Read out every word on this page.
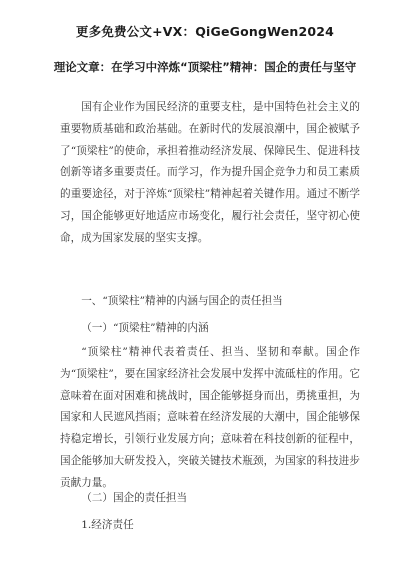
更多免费公文+VX：QiGeGongWen2024
理论文章：在学习中淬炼“顶梁柱”精神：国企的责任与坚守
国有企业作为国民经济的重要支柱，是中国特色社会主义的重要物质基础和政治基础。在新时代的发展浪潮中，国企被赋予了“顶梁柱”的使命，承担着推动经济发展、保障民生、促进科技创新等诸多重要责任。而学习，作为提升国企竞争力和员工素质的重要途径，对于淬炼“顶梁柱”精神起着关键作用。通过不断学习，国企能够更好地适应市场变化，履行社会责任，坚守初心使命，成为国家发展的坚实支撑。
一、“顶梁柱”精神的内涵与国企的责任担当
（一）“顶梁柱”精神的内涵
“顶梁柱”精神代表着责任、担当、坚韧和奉献。国企作为“顶梁柱”，要在国家经济社会发展中发挥中流砥柱的作用。它意味着在面对困难和挑战时，国企能够挺身而出，勇挑重担，为国家和人民遮风挡雨；意味着在经济发展的大潮中，国企能够保持稳定增长，引领行业发展方向；意味着在科技创新的征程中，国企能够加大研发投入，突破关键技术瓶颈，为国家的科技进步贡献力量。
（二）国企的责任担当
1.经济责任
